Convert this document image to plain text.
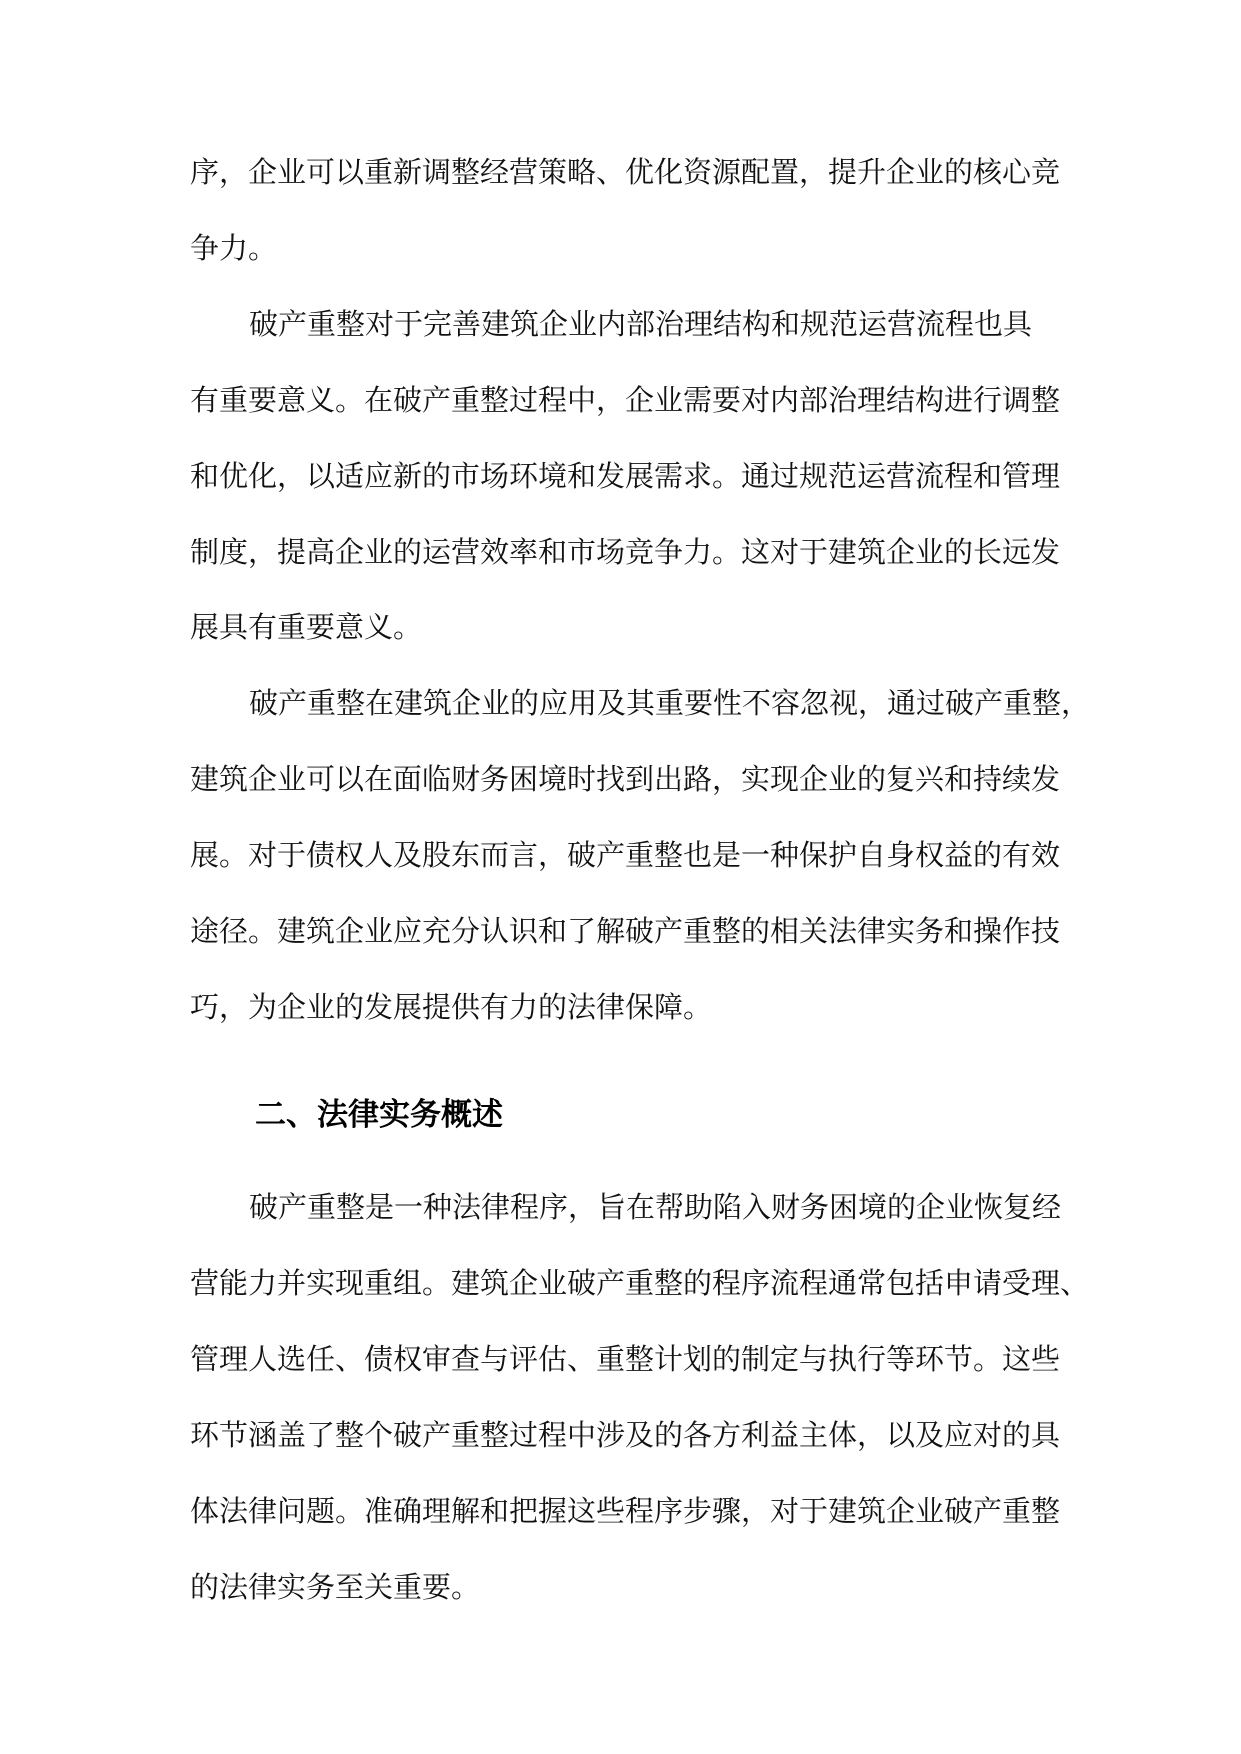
序，企业可以重新调整经营策略、优化资源配置，提升企业的核心竞

争力。

破产重整对于完善建筑企业内部治理结构和规范运营流程也具

有重要意义。在破产重整过程中，企业需要对内部治理结构进行调整

和优化，以适应新的市场环境和发展需求。通过规范运营流程和管理

制度，提高企业的运营效率和市场竞争力。这对于建筑企业的长远发

展具有重要意义。

破产重整在建筑企业的应用及其重要性不容忽视，通过破产重整，

建筑企业可以在面临财务困境时找到出路，实现企业的复兴和持续发

展。对于债权人及股东而言，破产重整也是一种保护自身权益的有效

途径。建筑企业应充分认识和了解破产重整的相关法律实务和操作技

巧，为企业的发展提供有力的法律保障。

二、法律实务概述

破产重整是一种法律程序，旨在帮助陷入财务困境的企业恢复经

营能力并实现重组。建筑企业破产重整的程序流程通常包括申请受理、

管理人选任、债权审查与评估、重整计划的制定与执行等环节。这些

环节涵盖了整个破产重整过程中涉及的各方利益主体，以及应对的具

体法律问题。准确理解和把握这些程序步骤，对于建筑企业破产重整

的法律实务至关重要。
